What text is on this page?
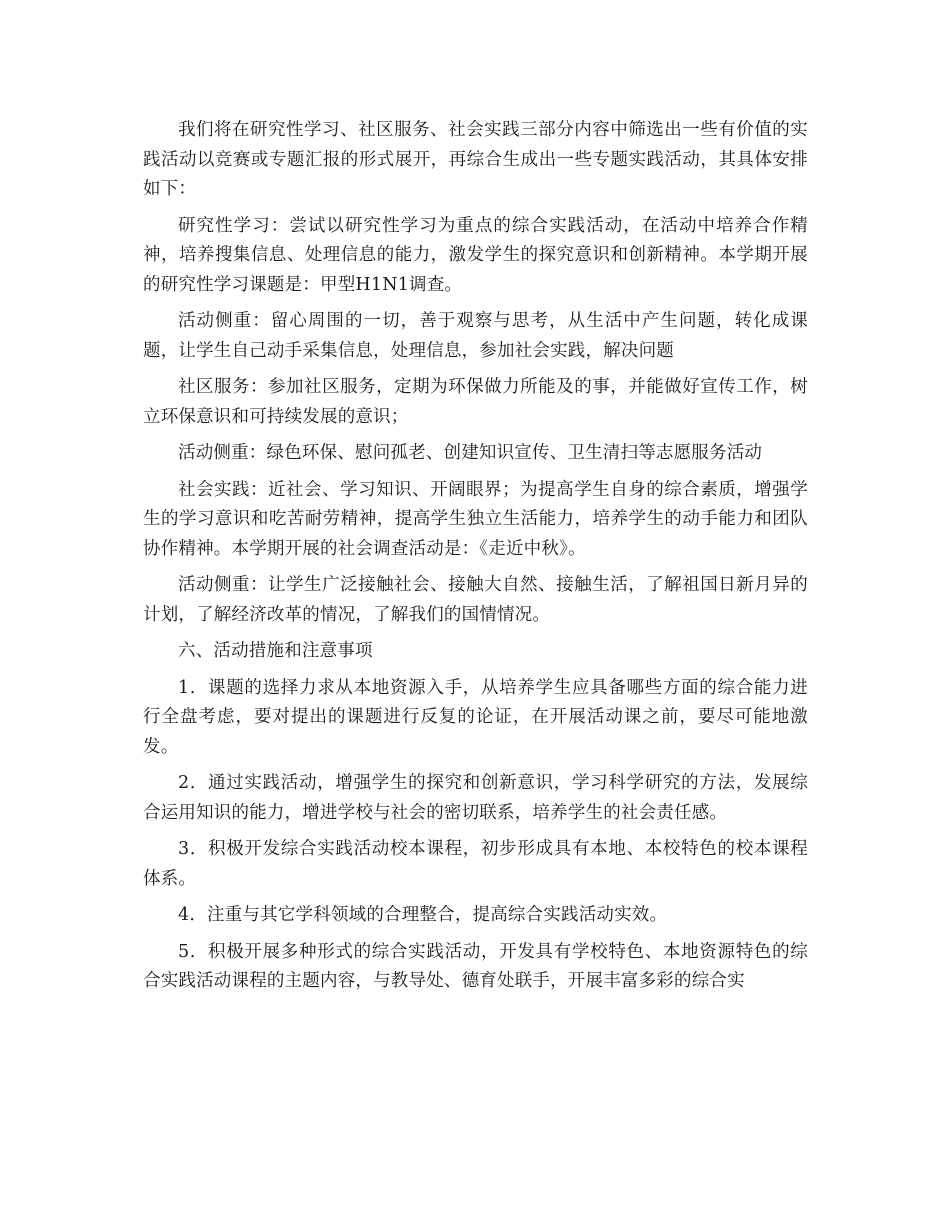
我们将在研究性学习、社区服务、社会实践三部分内容中筛选出一些有价值的实践活动以竞赛或专题汇报的形式展开，再综合生成出一些专题实践活动，其具体安排如下：

研究性学习：尝试以研究性学习为重点的综合实践活动，在活动中培养合作精神，培养搜集信息、处理信息的能力，激发学生的探究意识和创新精神。本学期开展的研究性学习课题是：甲型H1N1调查。

活动侧重：留心周围的一切，善于观察与思考，从生活中产生问题，转化成课题，让学生自己动手采集信息，处理信息，参加社会实践，解决问题

社区服务：参加社区服务，定期为环保做力所能及的事，并能做好宣传工作，树立环保意识和可持续发展的意识；

活动侧重：绿色环保、慰问孤老、创建知识宣传、卫生清扫等志愿服务活动

社会实践：近社会、学习知识、开阔眼界；为提高学生自身的综合素质，增强学生的学习意识和吃苦耐劳精神，提高学生独立生活能力，培养学生的动手能力和团队协作精神。本学期开展的社会调查活动是：《走近中秋》。

活动侧重：让学生广泛接触社会、接触大自然、接触生活，了解祖国日新月异的计划，了解经济改革的情况，了解我们的国情情况。

六、活动措施和注意事项

1．课题的选择力求从本地资源入手，从培养学生应具备哪些方面的综合能力进行全盘考虑，要对提出的课题进行反复的论证，在开展活动课之前，要尽可能地激发。

2．通过实践活动，增强学生的探究和创新意识，学习科学研究的方法，发展综合运用知识的能力，增进学校与社会的密切联系，培养学生的社会责任感。

3．积极开发综合实践活动校本课程，初步形成具有本地、本校特色的校本课程体系。

4．注重与其它学科领域的合理整合，提高综合实践活动实效。

5．积极开展多种形式的综合实践活动，开发具有学校特色、本地资源特色的综合实践活动课程的主题内容，与教导处、德育处联手，开展丰富多彩的综合实
